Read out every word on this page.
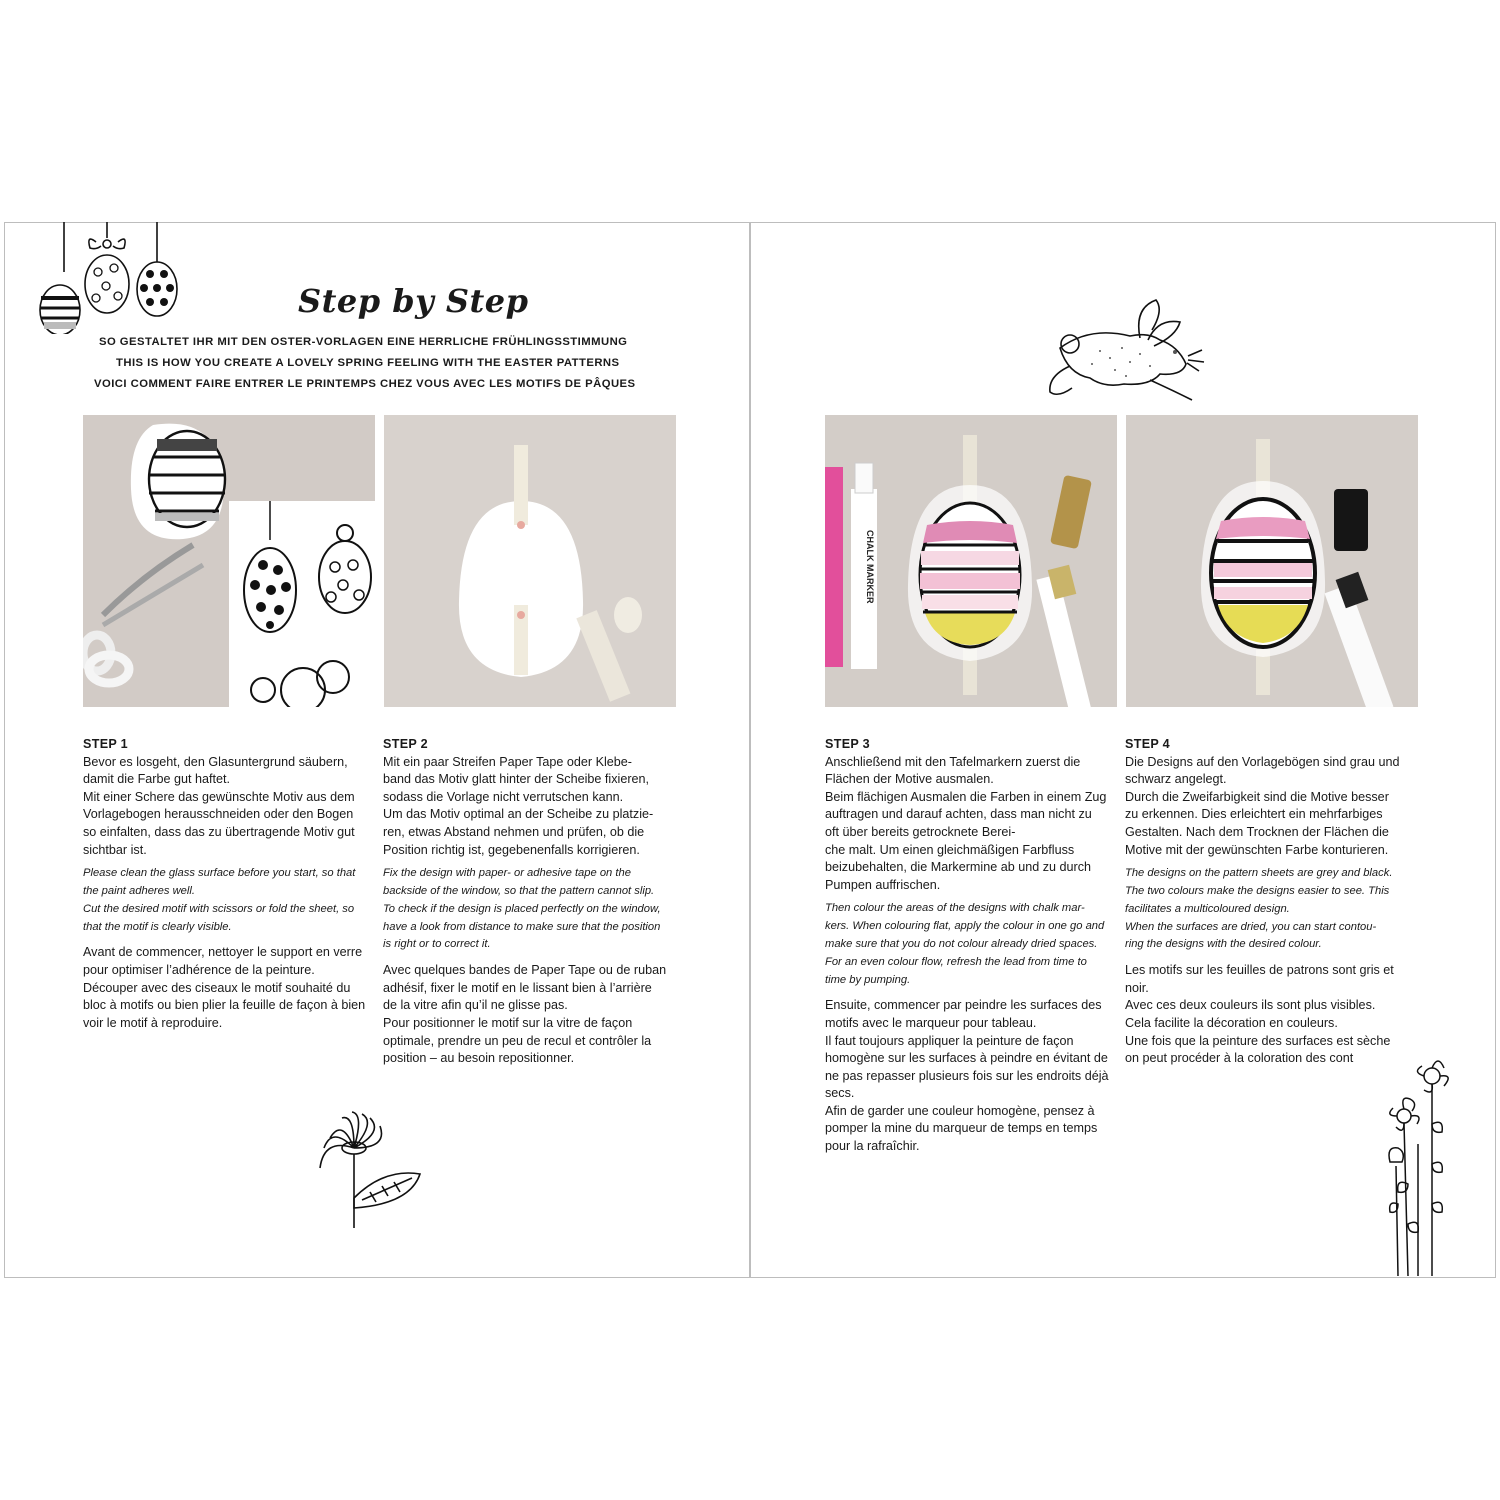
Step by Step
SO GESTALTET IHR MIT DEN OSTER-VORLAGEN EINE HERRLICHE FRÜHLINGSSTIMMUNG
THIS IS HOW YOU CREATE A LOVELY SPRING FEELING WITH THE EASTER PATTERNS
VOICI COMMENT FAIRE ENTRER LE PRINTEMPS CHEZ VOUS AVEC LES MOTIFS DE PÂQUES
CHALK MARKER
STEP 1

Bevor es losgeht, den Glasuntergrund säubern, damit die Farbe gut haftet.
Mit einer Schere das gewünschte Motiv aus dem Vorlagebogen herausschneiden oder den Bogen so einfalten, dass das zu übertragende Motiv gut sichtbar ist.

Please clean the glass surface before you start, so that the paint adheres well.
Cut the desired motif with scissors or fold the sheet, so that the motif is clearly visible.

Avant de commencer, nettoyer le support en verre pour optimiser l’adhérence de la peinture.
Découper avec des ciseaux le motif souhaité du bloc à motifs ou bien plier la feuille de façon à bien voir le motif à reproduire.

STEP 2

Mit ein paar Streifen Paper Tape oder Klebe-
band das Motiv glatt hinter der Scheibe fixieren, sodass die Vorlage nicht verrutschen kann.
Um das Motiv optimal an der Scheibe zu platzie-
ren, etwas Abstand nehmen und prüfen, ob die Position richtig ist, gegebenenfalls korrigieren.

Fix the design with paper- or adhesive tape on the backside of the window, so that the pattern cannot slip.
To check if the design is placed perfectly on the window, have a look from distance to make sure that the position is right or to correct it.

Avec quelques bandes de Paper Tape ou de ruban adhésif, fixer le motif en le lissant bien à l’arrière de la vitre afin qu’il ne glisse pas.
Pour positionner le motif sur la vitre de façon optimale, prendre un peu de recul et contrôler la position – au besoin repositionner.

STEP 3

Anschließend mit den Tafelmarkern zuerst die Flächen der Motive ausmalen.
Beim flächigen Ausmalen die Farben in einem Zug auftragen und darauf achten, dass man nicht zu oft über bereits getrocknete Berei-
che malt. Um einen gleichmäßigen Farbfluss beizubehalten, die Markermine ab und zu durch Pumpen auffrischen.

Then colour the areas of the designs with chalk mar-
kers. When colouring flat, apply the colour in one go and make sure that you do not colour already dried spaces. For an even colour flow, refresh the lead from time to time by pumping.

Ensuite, commencer par peindre les surfaces des motifs avec le marqueur pour tableau.
Il faut toujours appliquer la peinture de façon homogène sur les surfaces à peindre en évitant de ne pas repasser plusieurs fois sur les endroits déjà secs.
Afin de garder une couleur homogène, pensez à pomper la mine du marqueur de temps en temps pour la rafraîchir.

STEP 4

Die Designs auf den Vorlagebögen sind grau und schwarz angelegt.
Durch die Zweifarbigkeit sind die Motive besser zu erkennen. Dies erleichtert ein mehrfarbiges Gestalten. Nach dem Trocknen der Flächen die Motive mit der gewünschten Farbe konturieren.

The designs on the pattern sheets are grey and black. The two colours make the designs easier to see. This facilitates a multicoloured design.
When the surfaces are dried, you can start contou-
ring the designs with the desired colour.

Les motifs sur les feuilles de patrons sont gris et noir.
Avec ces deux couleurs ils sont plus visibles.
Cela facilite la décoration en couleurs.
Une fois que la peinture des surfaces est sèche on peut procéder à la coloration des cont
